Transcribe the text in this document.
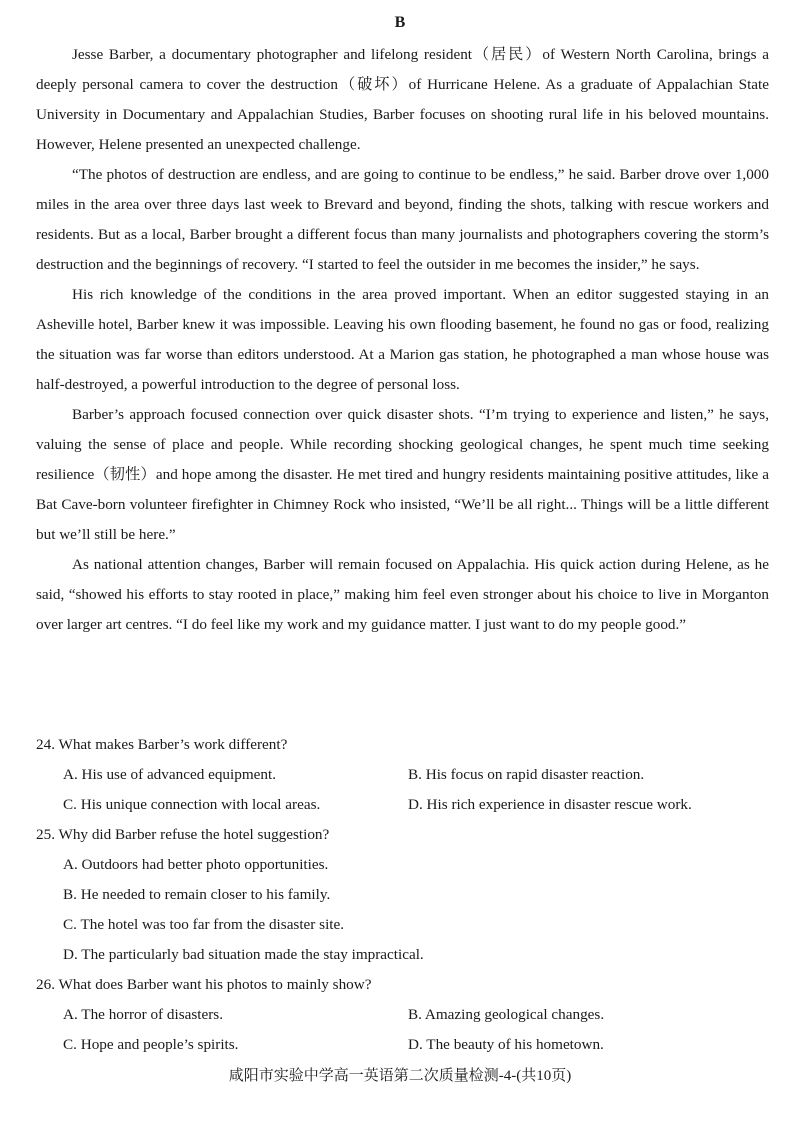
B

Jesse Barber, a documentary photographer and lifelong resident（居民）of Western North Carolina, brings a deeply personal camera to cover the destruction（破坏）of Hurricane Helene. As a graduate of Appalachian State University in Documentary and Appalachian Studies, Barber focuses on shooting rural life in his beloved mountains. However, Helene presented an unexpected challenge.

“The photos of destruction are endless, and are going to continue to be endless,” he said. Barber drove over 1,000 miles in the area over three days last week to Brevard and beyond, finding the shots, talking with rescue workers and residents. But as a local, Barber brought a different focus than many journalists and photographers covering the storm’s destruction and the beginnings of recovery. “I started to feel the outsider in me becomes the insider,” he says.

His rich knowledge of the conditions in the area proved important. When an editor suggested staying in an Asheville hotel, Barber knew it was impossible. Leaving his own flooding basement, he found no gas or food, realizing the situation was far worse than editors understood. At a Marion gas station, he photographed a man whose house was half-destroyed, a powerful introduction to the degree of personal loss.

Barber’s approach focused connection over quick disaster shots. “I’m trying to experience and listen,” he says, valuing the sense of place and people. While recording shocking geological changes, he spent much time seeking resilience（韧性）and hope among the disaster. He met tired and hungry residents maintaining positive attitudes, like a Bat Cave-born volunteer firefighter in Chimney Rock who insisted, “We’ll be all right... Things will be a little different but we’ll still be here.”

As national attention changes, Barber will remain focused on Appalachia. His quick action during Helene, as he said, “showed his efforts to stay rooted in place,” making him feel even stronger about his choice to live in Morganton over larger art centres. “I do feel like my work and my guidance matter. I just want to do my people good.”

24. What makes Barber’s work different?
A. His use of advanced equipment.	B. His focus on rapid disaster reaction.
C. His unique connection with local areas.	D. His rich experience in disaster rescue work.
25. Why did Barber refuse the hotel suggestion?
A. Outdoors had better photo opportunities.
B. He needed to remain closer to his family.
C. The hotel was too far from the disaster site.
D. The particularly bad situation made the stay impractical.
26. What does Barber want his photos to mainly show?
A. The horror of disasters.	B. Amazing geological changes.
C. Hope and people’s spirits.	D. The beauty of his hometown.
咸阳市实验中学高一英语第二次质量检测-4-(共10页)
